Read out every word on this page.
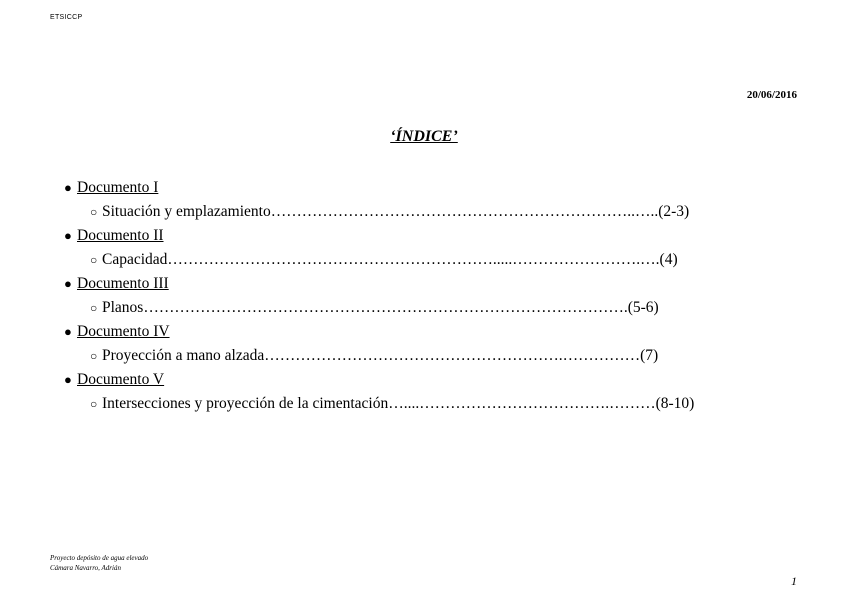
ETSICCP
20/06/2016
‘ÍNDICE’
● Documento I
○ Situación y emplazamiento……………………………………………………………..…..(2-3)
● Documento II
○ Capacidad……………………………………………………….....…………………….….(4)
● Documento III
○ Planos………………………………………………………………………………….(5-6)
● Documento IV
○ Proyección a mano alzada………………………………………………….……………(7)
● Documento V
○ Intersecciones y proyección de la cimentación…....……………………………….………(8-10)
Proyecto depósito de agua elevado
Cámara Navarro, Adrián
1
